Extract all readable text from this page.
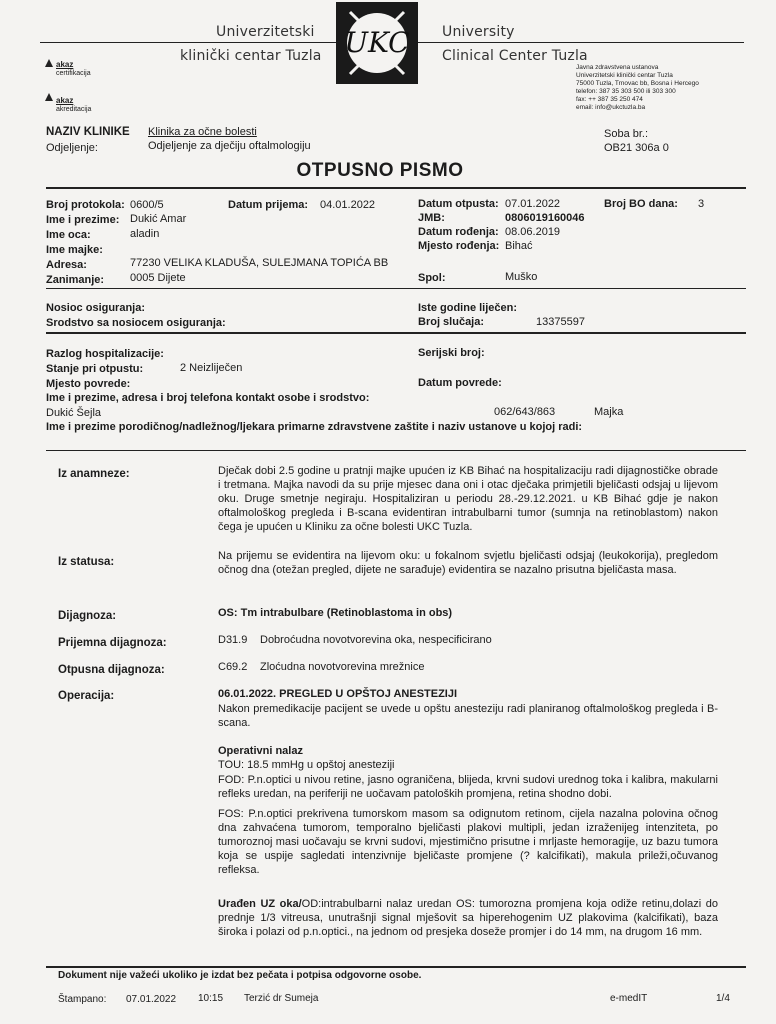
Univerzitetski
klinički centar Tuzla UKC	University
Clinical Center Tuzla
akaz
certifikacija
akaz
akreditacija
Javna zdravstvena ustanova
Univerzitetski klinički centar Tuzla
75000 Tuzla, Trnovac bb, Bosna i Hercego
telefon: 387 35 303 500 ili 303 300
fax: ++ 387 35 250 474
email: info@ukctuzla.ba
NAZIV KLINIKE Klinika za očne bolesti
Odjeljenje:	Odjeljenje za dječiju oftalmologiju
Soba br.:
OB21 306a 0
OTPUSNO PISMO
Broj protokola: 0600/5	Datum prijema: 04.01.2022	Datum otpusta: 07.01.2022	Broj BO dana: 3
Ime i prezime: Dukić Amar	JMB:	0806019160046
Ime oca:	aladin	Datum rođenja: 08.06.2019
Ime majke:	Mjesto rođenja: Bihać
Adresa:	77230 VELIKA KLADUŠA, SULEJMANA TOPIĆA BB
Zanimanje: 0005 Dijete	Spol:	Muško
Nosioc osiguranja:	Iste godine liječen:
Srodstvo sa nosiocem osiguranja:	Broj slučaja:	13375597
Razlog hospitalizacije:	Serijski broj:
Stanje pri otpustu:	2 Neizliječen
Mjesto povrede:	Datum povrede:
Ime i prezime, adresa i broj telefona kontakt osobe i srodstvo:
Dukić Šejla	062/643/863	Majka
Ime i prezime porodičnog/nadležnog/ljekara primarne zdravstvene zaštite i naziv ustanove u kojoj radi:
Iz anamneze:	Dječak dobi 2.5 godine u pratnji majke upućen iz KB Bihać na hospitalizaciju radi dijagnostičke obrade i tretmana. Majka navodi da su prije mjesec dana oni i otac dječaka primjetili bjeličasti odsjaj u lijevom oku. Druge smetnje negiraju. Hospitaliziran u periodu 28.-29.12.2021. u KB Bihać gdje je nakon oftalmološkog pregleda i B-scana evidentiran intrabulbarni tumor (sumnja na retinoblastom) nakon čega je upućen u Kliniku za očne bolesti UKC Tuzla.
Iz statusa:	Na prijemu se evidentira na lijevom oku: u fokalnom svjetlu bjeličasti odsjaj (leukokorija), pregledom očnog dna (otežan pregled, dijete ne sarađuje) evidentira se nazalno prisutna bjeličasta masa.
Dijagnoza:	OS: Tm intrabulbare (Retinoblastoma in obs)
Prijemna dijagnoza:	D31.9 Dobroćudna novotvorevina oka, nespecificirano
Otpusna dijagnoza:	C69.2 Zloćudna novotvorevina mrežnice
Operacija:	06.01.2022. PREGLED U OPŠTOJ ANESTEZIJI
Nakon premedikacije pacijent se uvede u opštu anesteziju radi planiranog oftalmološkog pregleda i B-scana.
Operativni nalaz
TOU: 18.5 mmHg u opštoj anesteziji
FOD: P.n.optici u nivou retine, jasno ograničena, blijeda, krvni sudovi urednog toka i kalibra, makularni refleks uredan, na periferiji ne uočavam patoloških promjena, retina shodno dobi.
FOS: P.n.optici prekrivena tumorskom masom sa odignutom retinom, cijela nazalna polovina očnog dna zahvaćena tumorom, temporalno bjeličasti plakovi multipli, jedan izraženijeg intenziteta, po tumoroznoj masi uočavaju se krvni sudovi, mjestimično prisutne i mrljaste hemoragije, uz bazu tumora koja se uspije sagledati intenzivnije bjeličaste promjene (? kalcifikati), makula prileži,očuvanog refleksa.
Urađen UZ oka/OD:intrabulbarni nalaz uredan OS: tumorozna promjena koja odiže retinu,dolazi do prednje 1/3 vitreusa, unutrašnji signal mješovit sa hiperehogenim UZ plakovima (kalcifikati), baza široka i polazi od p.n.optici., na jednom od presjeka doseže promjer i do 14 mm, na drugom 16 mm.
Dokument nije važeći ukoliko je izdat bez pečata i potpisa odgovorne osobe.
Štampano: 07.01.2022 10:15 Terzić dr Sumeja	e-medIT	1/4
